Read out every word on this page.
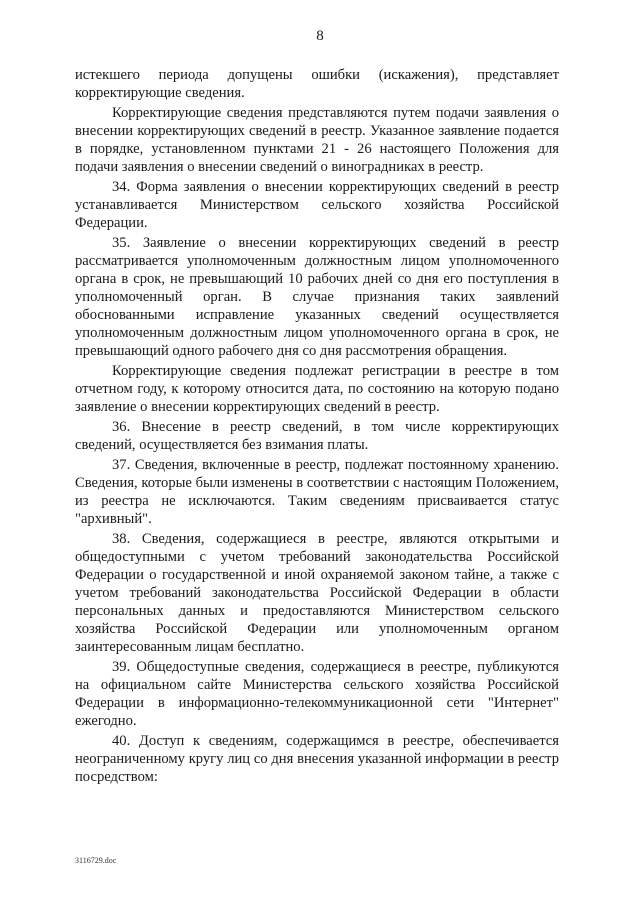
8

истекшего периода допущены ошибки (искажения), представляет корректирующие сведения.

Корректирующие сведения представляются путем подачи заявления о внесении корректирующих сведений в реестр. Указанное заявление подается в порядке, установленном пунктами 21 - 26 настоящего Положения для подачи заявления о внесении сведений о виноградниках в реестр.

34. Форма заявления о внесении корректирующих сведений в реестр устанавливается Министерством сельского хозяйства Российской Федерации.

35. Заявление о внесении корректирующих сведений в реестр рассматривается уполномоченным должностным лицом уполномоченного органа в срок, не превышающий 10 рабочих дней со дня его поступления в уполномоченный орган. В случае признания таких заявлений обоснованными исправление указанных сведений осуществляется уполномоченным должностным лицом уполномоченного органа в срок, не превышающий одного рабочего дня со дня рассмотрения обращения.

Корректирующие сведения подлежат регистрации в реестре в том отчетном году, к которому относится дата, по состоянию на которую подано заявление о внесении корректирующих сведений в реестр.

36. Внесение в реестр сведений, в том числе корректирующих сведений, осуществляется без взимания платы.

37. Сведения, включенные в реестр, подлежат постоянному хранению. Сведения, которые были изменены в соответствии с настоящим Положением, из реестра не исключаются. Таким сведениям присваивается статус "архивный".

38. Сведения, содержащиеся в реестре, являются открытыми и общедоступными с учетом требований законодательства Российской Федерации о государственной и иной охраняемой законом тайне, а также с учетом требований законодательства Российской Федерации в области персональных данных и предоставляются Министерством сельского хозяйства Российской Федерации или уполномоченным органом заинтересованным лицам бесплатно.

39. Общедоступные сведения, содержащиеся в реестре, публикуются на официальном сайте Министерства сельского хозяйства Российской Федерации в информационно-телекоммуникационной сети "Интернет" ежегодно.

40. Доступ к сведениям, содержащимся в реестре, обеспечивается неограниченному кругу лиц со дня внесения указанной информации в реестр посредством:

3116729.doc
